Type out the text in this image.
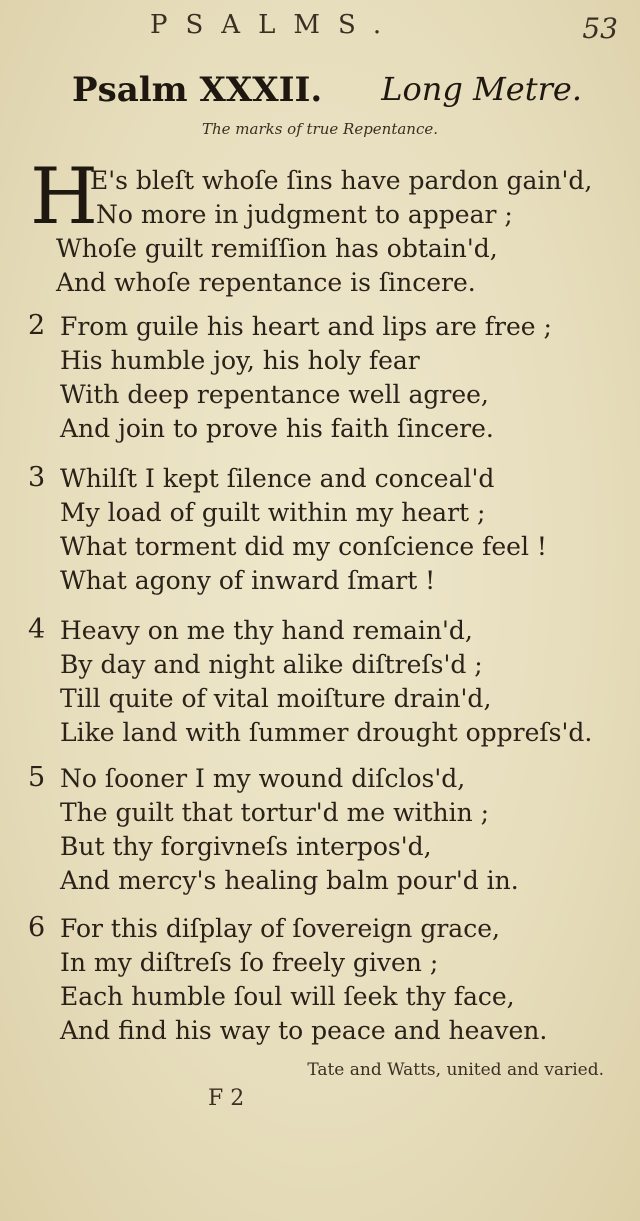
PSALMS.	53
Psalm XXXII. Long Metre.
The marks of true Repentance.
H
E's bleſt whoſe ſins have pardon gain'd,
No more in judgment to appear ;
Whoſe guilt remiſſion has obtain'd,
And whoſe repentance is ſincere.
2 From guile his heart and lips are free ;
His humble joy, his holy fear
With deep repentance well agree,
And join to prove his faith ſincere.
3 Whilſt I kept ſilence and conceal'd
My load of guilt within my heart ;
What torment did my conſcience feel !
What agony of inward ſmart !
4 Heavy on me thy hand remain'd,
By day and night alike diſtreſs'd ;
Till quite of vital moiſture drain'd,
Like land with ſummer drought oppreſs'd.
5 No ſooner I my wound diſclos'd,
The guilt that tortur'd me within ;
But thy forgivneſs interpos'd,
And mercy's healing balm pour'd in.
6 For this diſplay of ſovereign grace,
In my diſtreſs ſo freely given ;
Each humble ſoul will ſeek thy face,
And find his way to peace and heaven.
Tate and Watts, united and varied.
F 2
